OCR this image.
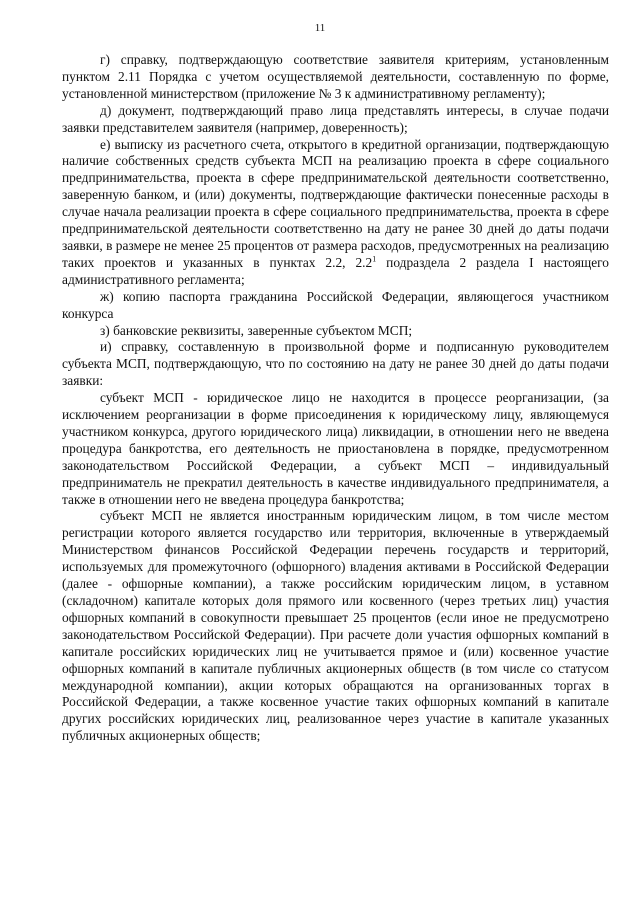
11

г) справку, подтверждающую соответствие заявителя критериям, установленным пунктом 2.11 Порядка с учетом осуществляемой деятельности, составленную по форме, установленной министерством (приложение № 3 к административному регламенту);

д) документ, подтверждающий право лица представлять интересы, в случае подачи заявки представителем заявителя (например, доверенность);

е) выписку из расчетного счета, открытого в кредитной организации, подтверждающую наличие собственных средств субъекта МСП на реализацию проекта в сфере социального предпринимательства, проекта в сфере предпринимательской деятельности соответственно, заверенную банком, и (или) документы, подтверждающие фактически понесенные расходы в случае начала реализации проекта в сфере социального предпринимательства, проекта в сфере предпринимательской деятельности соответственно на дату не ранее 30 дней до даты подачи заявки, в размере не менее 25 процентов от размера расходов, предусмотренных на реализацию таких проектов и указанных в пунктах 2.2, $2.2^1$ подраздела 2 раздела I настоящего административного регламента;

ж) копию паспорта гражданина Российской Федерации, являющегося участником конкурса

з) банковские реквизиты, заверенные субъектом МСП;

и) справку, составленную в произвольной форме и подписанную руководителем субъекта МСП, подтверждающую, что по состоянию на дату не ранее 30 дней до даты подачи заявки:

субъект МСП - юридическое лицо не находится в процессе реорганизации, (за исключением реорганизации в форме присоединения к юридическому лицу, являющемуся участником конкурса, другого юридического лица) ликвидации, в отношении него не введена процедура банкротства, его деятельность не приостановлена в порядке, предусмотренном законодательством Российской Федерации, а субъект МСП – индивидуальный предприниматель не прекратил деятельность в качестве индивидуального предпринимателя, а также в отношении него не введена процедура банкротства;

субъект МСП не является иностранным юридическим лицом, в том числе местом регистрации которого является государство или территория, включенные в утверждаемый Министерством финансов Российской Федерации перечень государств и территорий, используемых для промежуточного (офшорного) владения активами в Российской Федерации (далее - офшорные компании), а также российским юридическим лицом, в уставном (складочном) капитале которых доля прямого или косвенного (через третьих лиц) участия офшорных компаний в совокупности превышает 25 процентов (если иное не предусмотрено законодательством Российской Федерации). При расчете доли участия офшорных компаний в капитале российских юридических лиц не учитывается прямое и (или) косвенное участие офшорных компаний в капитале публичных акционерных обществ (в том числе со статусом международной компании), акции которых обращаются на организованных торгах в Российской Федерации, а также косвенное участие таких офшорных компаний в капитале других российских юридических лиц, реализованное через участие в капитале указанных публичных акционерных обществ;
